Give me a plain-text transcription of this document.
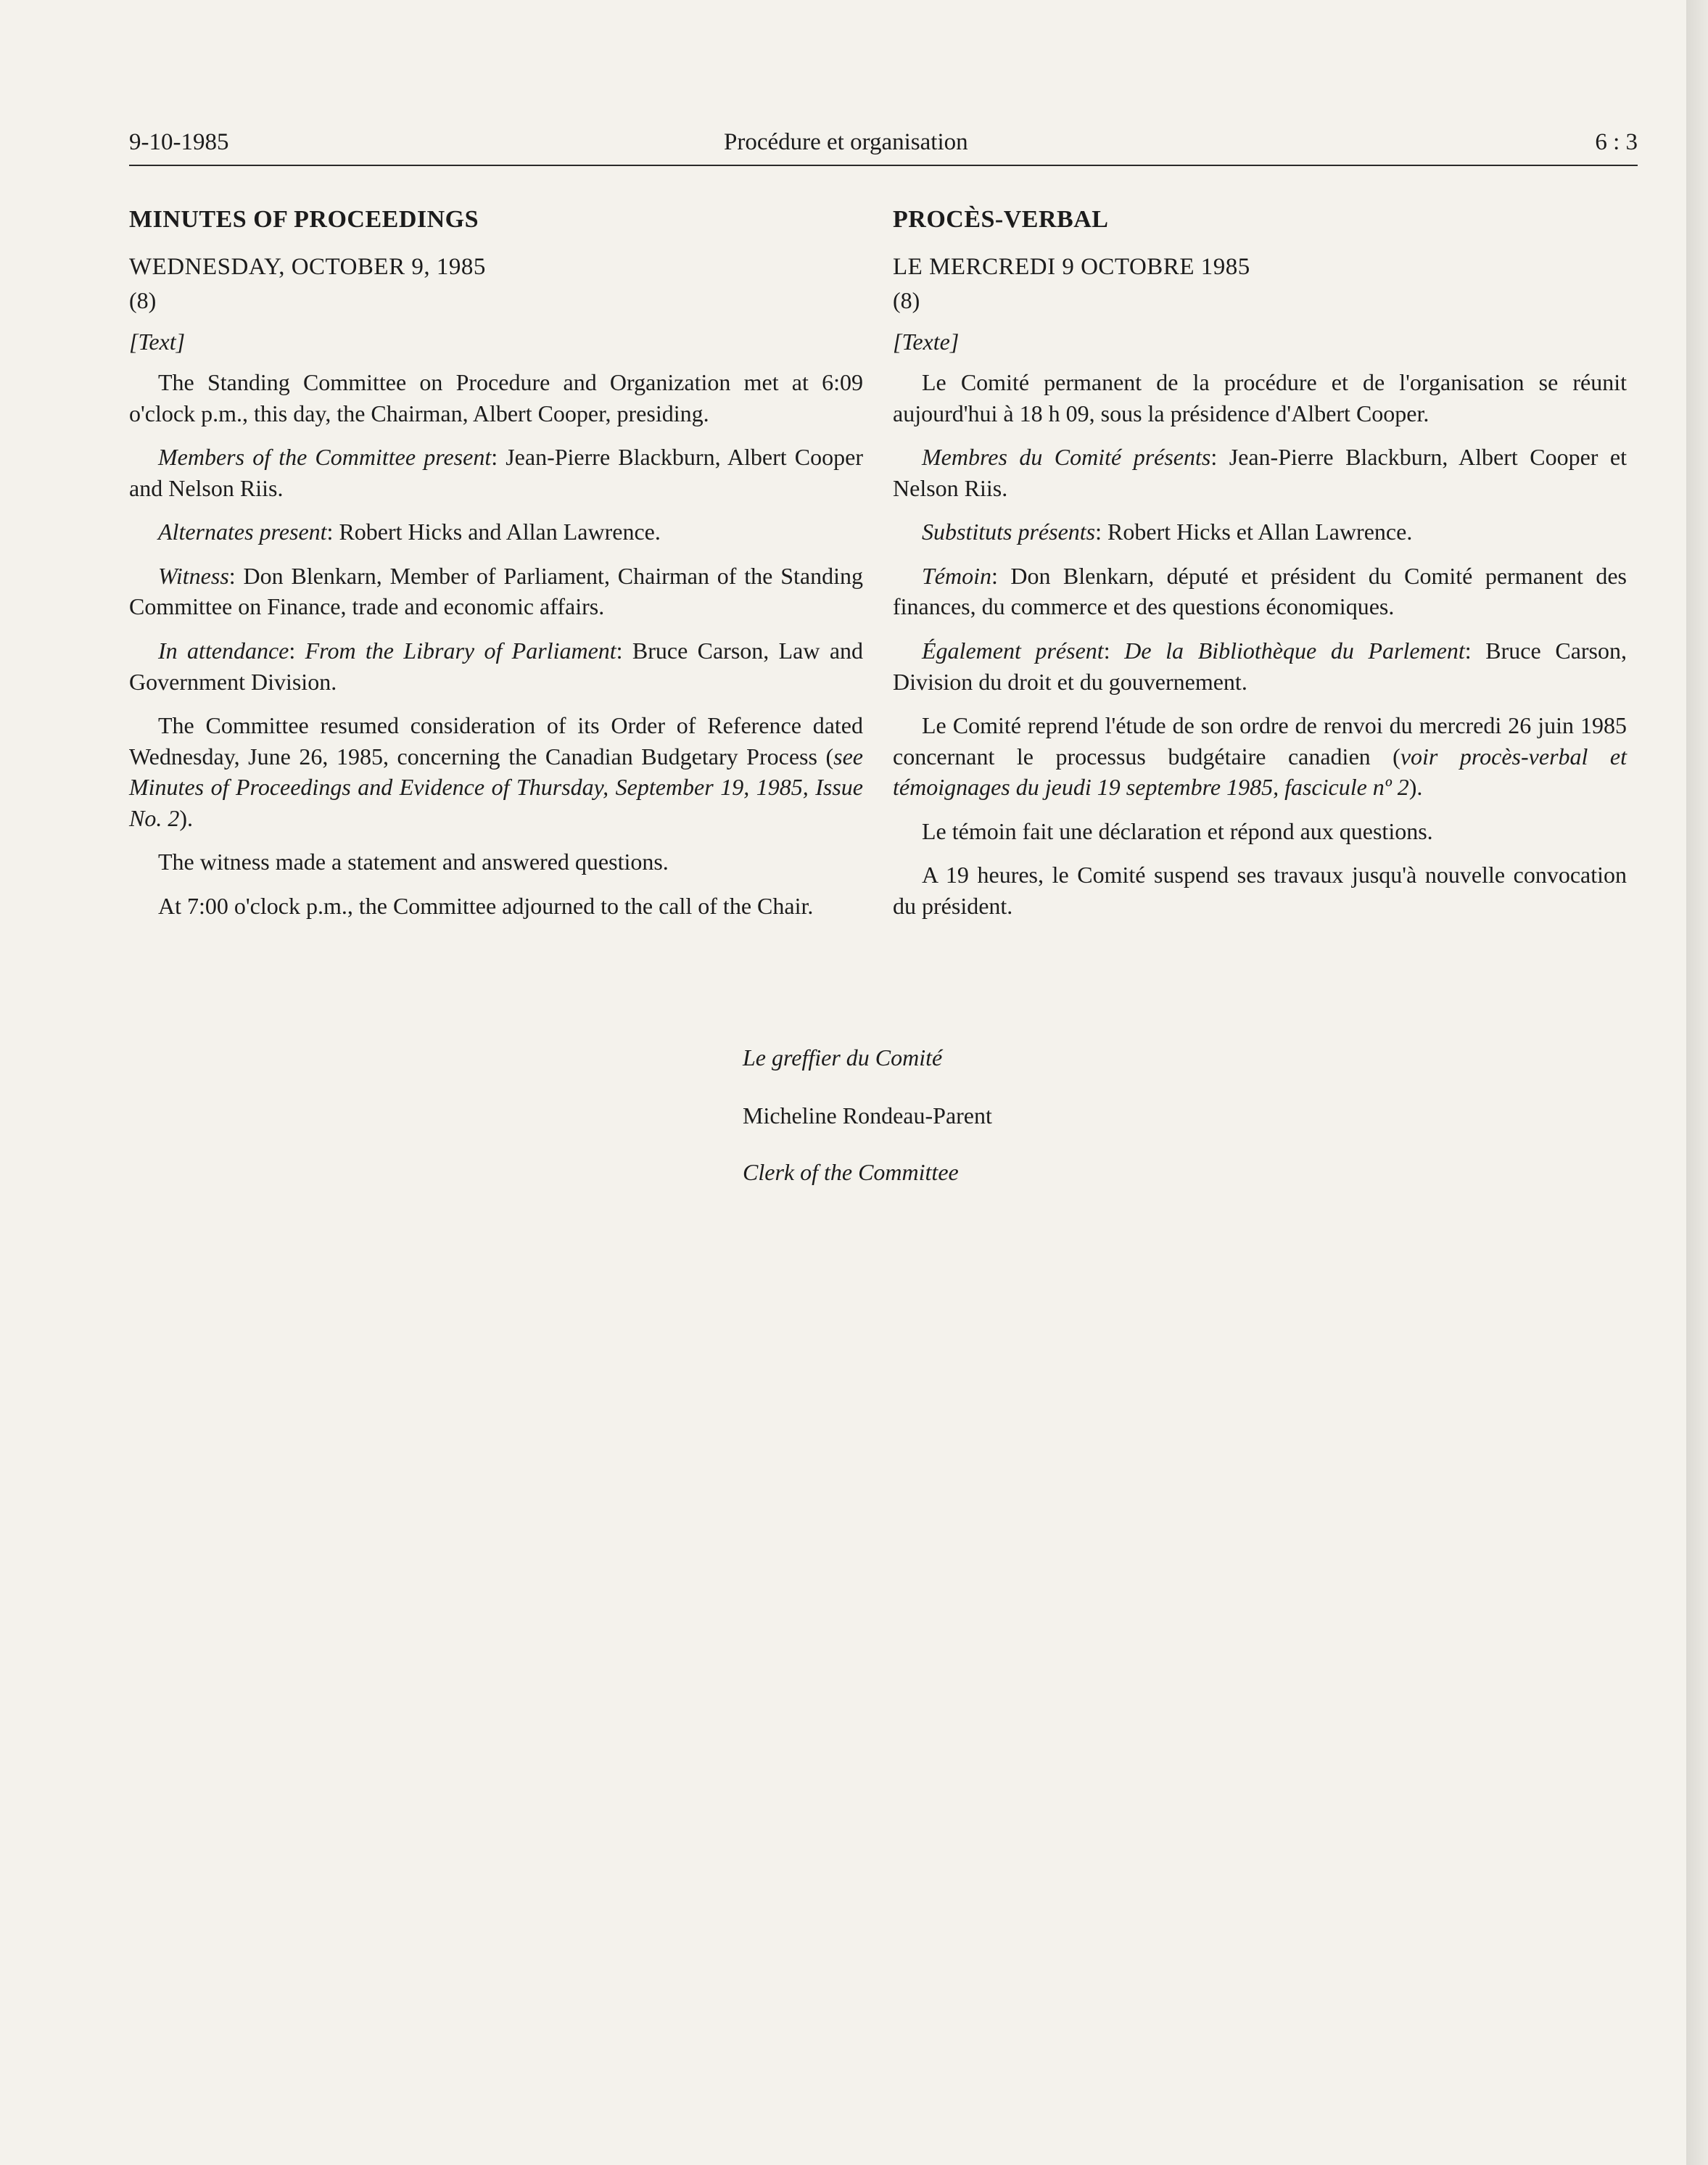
9-10-1985	Procédure et organisation	6 : 3
MINUTES OF PROCEEDINGS

WEDNESDAY, OCTOBER 9, 1985

(8)

[Text]

The Standing Committee on Procedure and Organization met at 6:09 o'clock p.m., this day, the Chairman, Albert Cooper, presiding.

Members of the Committee present: Jean-Pierre Blackburn, Albert Cooper and Nelson Riis.

Alternates present: Robert Hicks and Allan Lawrence.

Witness: Don Blenkarn, Member of Parliament, Chairman of the Standing Committee on Finance, trade and economic affairs.

In attendance: From the Library of Parliament: Bruce Carson, Law and Government Division.

The Committee resumed consideration of its Order of Reference dated Wednesday, June 26, 1985, concerning the Canadian Budgetary Process (see Minutes of Proceedings and Evidence of Thursday, September 19, 1985, Issue No. 2).

The witness made a statement and answered questions.

At 7:00 o'clock p.m., the Committee adjourned to the call of the Chair.

PROCÈS-VERBAL

LE MERCREDI 9 OCTOBRE 1985

(8)

[Texte]

Le Comité permanent de la procédure et de l'organisation se réunit aujourd'hui à 18 h 09, sous la présidence d'Albert Cooper.

Membres du Comité présents: Jean-Pierre Blackburn, Albert Cooper et Nelson Riis.

Substituts présents: Robert Hicks et Allan Lawrence.

Témoin: Don Blenkarn, député et président du Comité permanent des finances, du commerce et des questions économiques.

Également présent: De la Bibliothèque du Parlement: Bruce Carson, Division du droit et du gouvernement.

Le Comité reprend l'étude de son ordre de renvoi du mercredi 26 juin 1985 concernant le processus budgétaire canadien (voir procès-verbal et témoignages du jeudi 19 septembre 1985, fascicule nº 2).

Le témoin fait une déclaration et répond aux questions.

A 19 heures, le Comité suspend ses travaux jusqu'à nouvelle convocation du président.

Le greffier du Comité
Micheline Rondeau-Parent
Clerk of the Committee
